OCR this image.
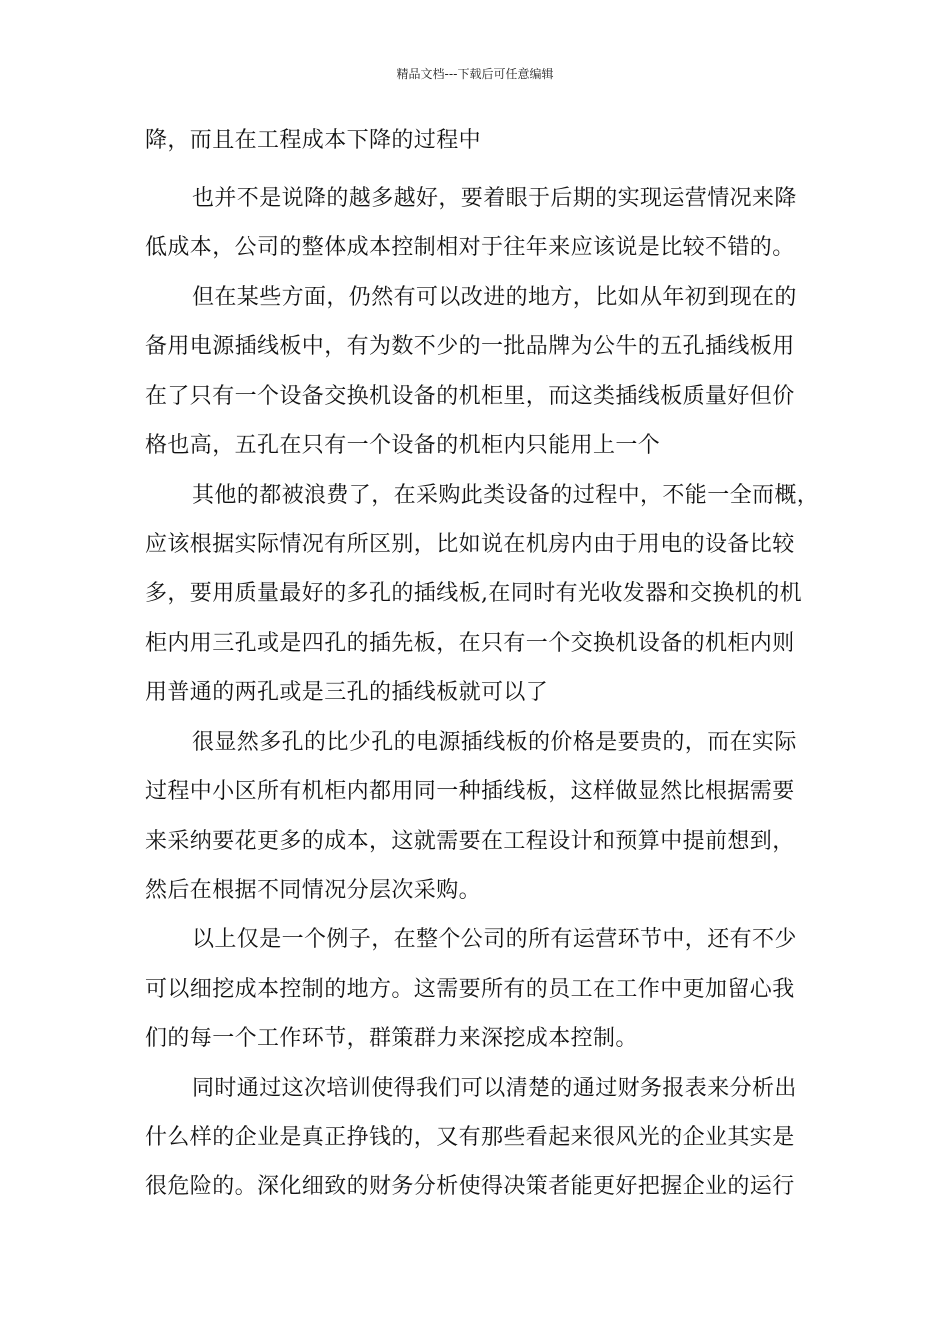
精品文档---下载后可任意编辑
降，而且在工程成本下降的过程中
也并不是说降的越多越好，要着眼于后期的实现运营情况来降
低成本，公司的整体成本控制相对于往年来应该说是比较不错的。
但在某些方面，仍然有可以改进的地方，比如从年初到现在的
备用电源插线板中，有为数不少的一批品牌为公牛的五孔插线板用
在了只有一个设备交换机设备的机柜里，而这类插线板质量好但价
格也高，五孔在只有一个设备的机柜内只能用上一个
其他的都被浪费了，在采购此类设备的过程中，不能一全而概，
应该根据实际情况有所区别，比如说在机房内由于用电的设备比较
多，要用质量最好的多孔的插线板,在同时有光收发器和交换机的机
柜内用三孔或是四孔的插先板，在只有一个交换机设备的机柜内则
用普通的两孔或是三孔的插线板就可以了
很显然多孔的比少孔的电源插线板的价格是要贵的，而在实际
过程中小区所有机柜内都用同一种插线板，这样做显然比根据需要
来采纳要花更多的成本，这就需要在工程设计和预算中提前想到，
然后在根据不同情况分层次采购。
以上仅是一个例子，在整个公司的所有运营环节中，还有不少
可以细挖成本控制的地方。这需要所有的员工在工作中更加留心我
们的每一个工作环节，群策群力来深挖成本控制。
同时通过这次培训使得我们可以清楚的通过财务报表来分析出
什么样的企业是真正挣钱的，又有那些看起来很风光的企业其实是
很危险的。深化细致的财务分析使得决策者能更好把握企业的运行
